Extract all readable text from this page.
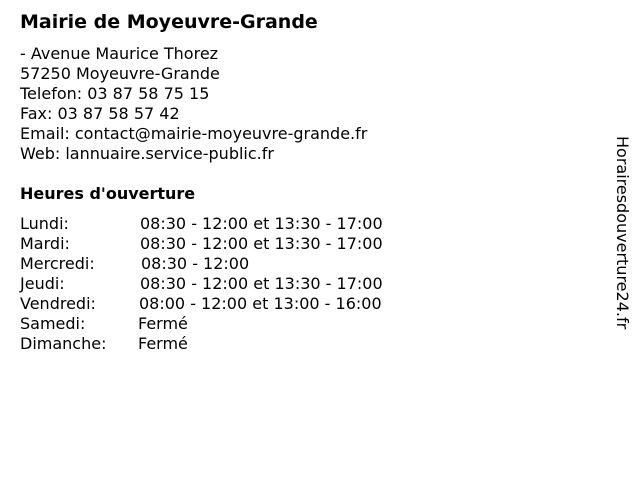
Mairie de Moyeuvre-Grande
- Avenue Maurice Thorez
57250 Moyeuvre-Grande
Telefon: 03 87 58 75 15
Fax: 03 87 58 57 42
Email: contact@mairie-moyeuvre-grande.fr
Web: lannuaire.service-public.fr
Heures d'ouverture
Lundi:	08:30 - 12:00 et 13:30 - 17:00
Mardi:	08:30 - 12:00 et 13:30 - 17:00
Mercredi:	08:30 - 12:00
Jeudi:	08:30 - 12:00 et 13:30 - 17:00
Vendredi:	08:00 - 12:00 et 13:00 - 16:00
Samedi:	Fermé
Dimanche: Fermé
Horairesdouverture24.fr
